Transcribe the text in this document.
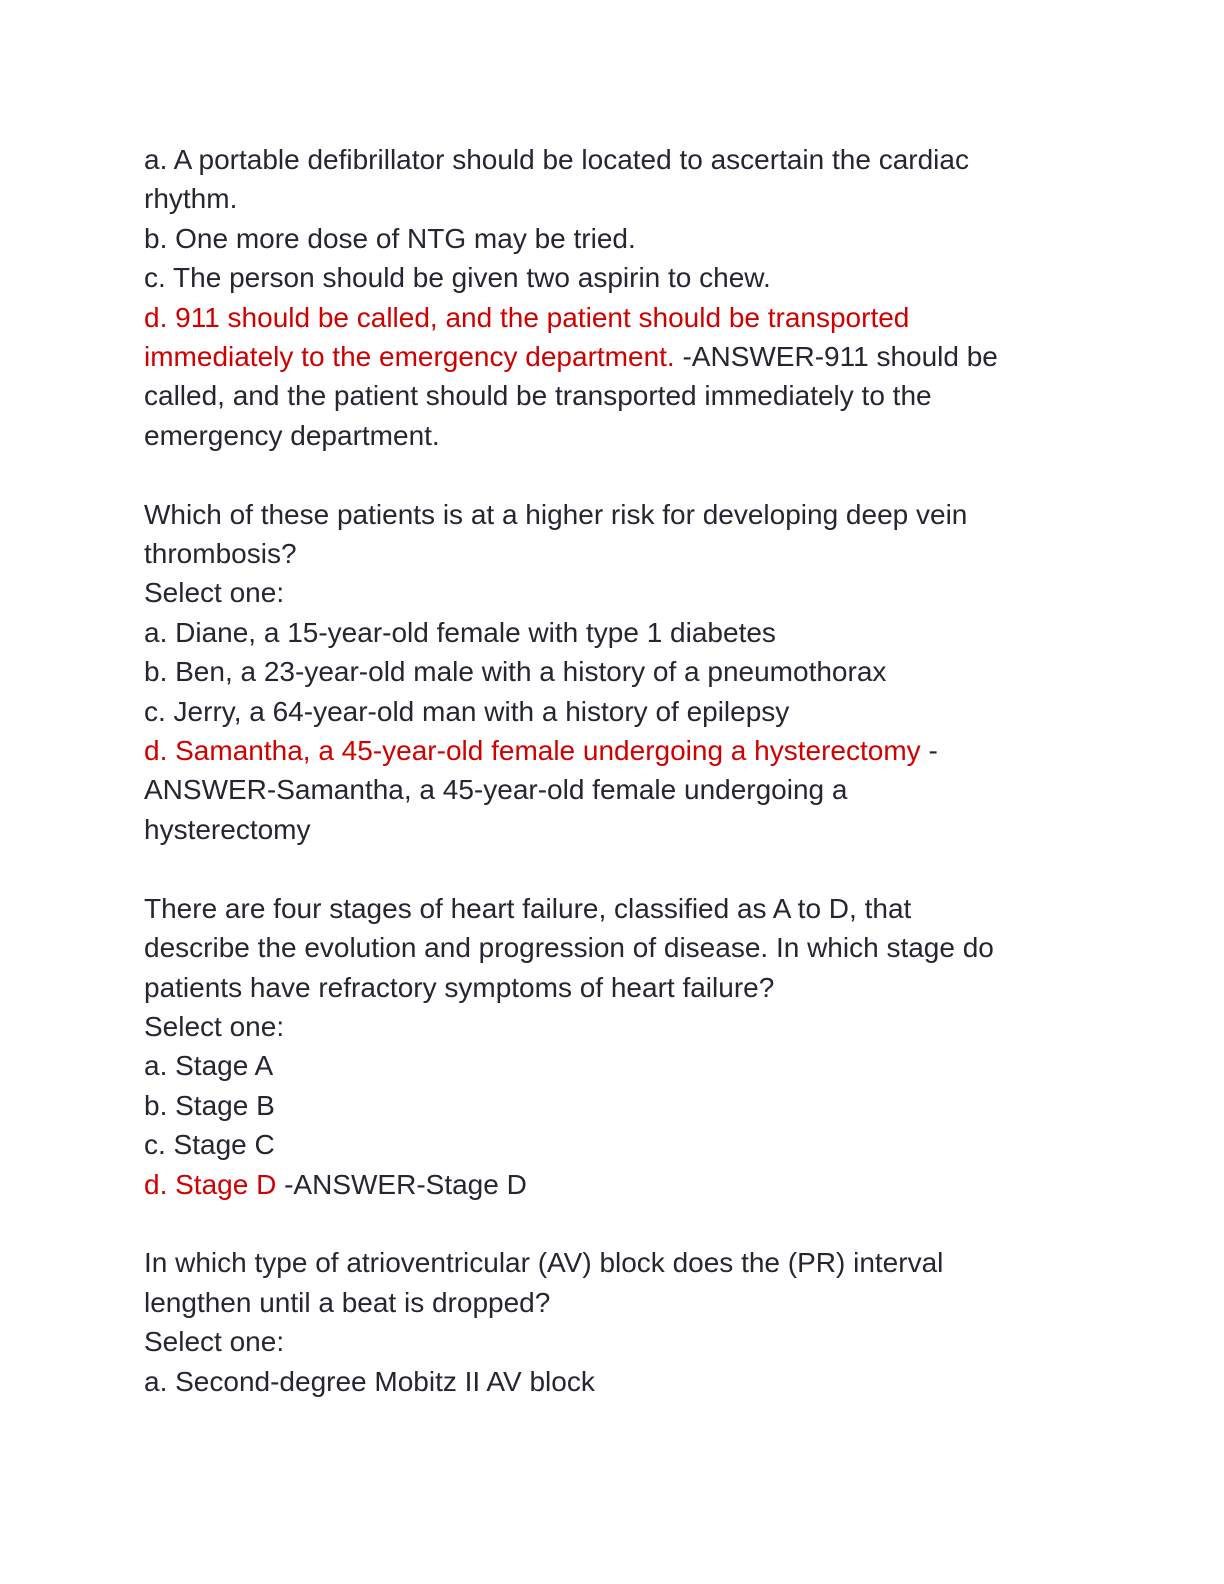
a. A portable defibrillator should be located to ascertain the cardiac
rhythm.
b. One more dose of NTG may be tried.
c. The person should be given two aspirin to chew.
d. 911 should be called, and the patient should be transported
immediately to the emergency department. -ANSWER-911 should be
called, and the patient should be transported immediately to the
emergency department.
Which of these patients is at a higher risk for developing deep vein
thrombosis?
Select one:
a. Diane, a 15-year-old female with type 1 diabetes
b. Ben, a 23-year-old male with a history of a pneumothorax
c. Jerry, a 64-year-old man with a history of epilepsy
d. Samantha, a 45-year-old female undergoing a hysterectomy -
ANSWER-Samantha, a 45-year-old female undergoing a
hysterectomy
There are four stages of heart failure, classified as A to D, that
describe the evolution and progression of disease. In which stage do
patients have refractory symptoms of heart failure?
Select one:
a. Stage A
b. Stage B
c. Stage C
d. Stage D -ANSWER-Stage D
In which type of atrioventricular (AV) block does the (PR) interval
lengthen until a beat is dropped?
Select one:
a. Second-degree Mobitz II AV block
